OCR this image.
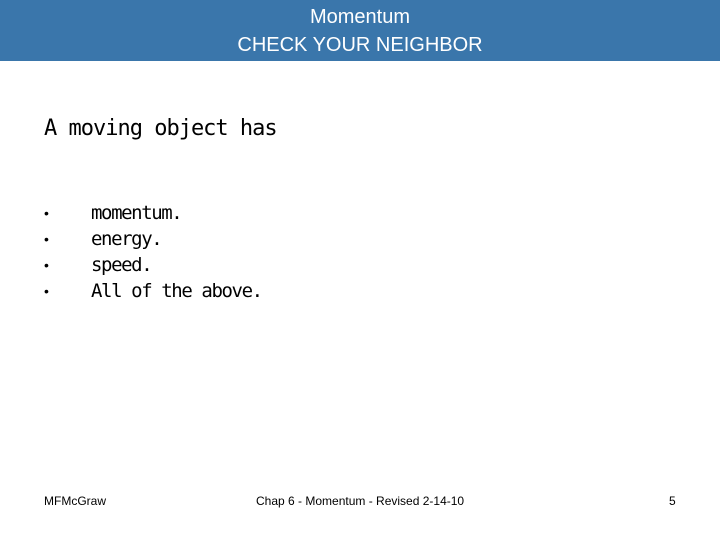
Momentum
CHECK YOUR NEIGHBOR
A moving object has
• momentum.
• energy.
• speed.
• All of the above.
MFMcGraw	Chap 6 - Momentum - Revised 2-14-10	5
